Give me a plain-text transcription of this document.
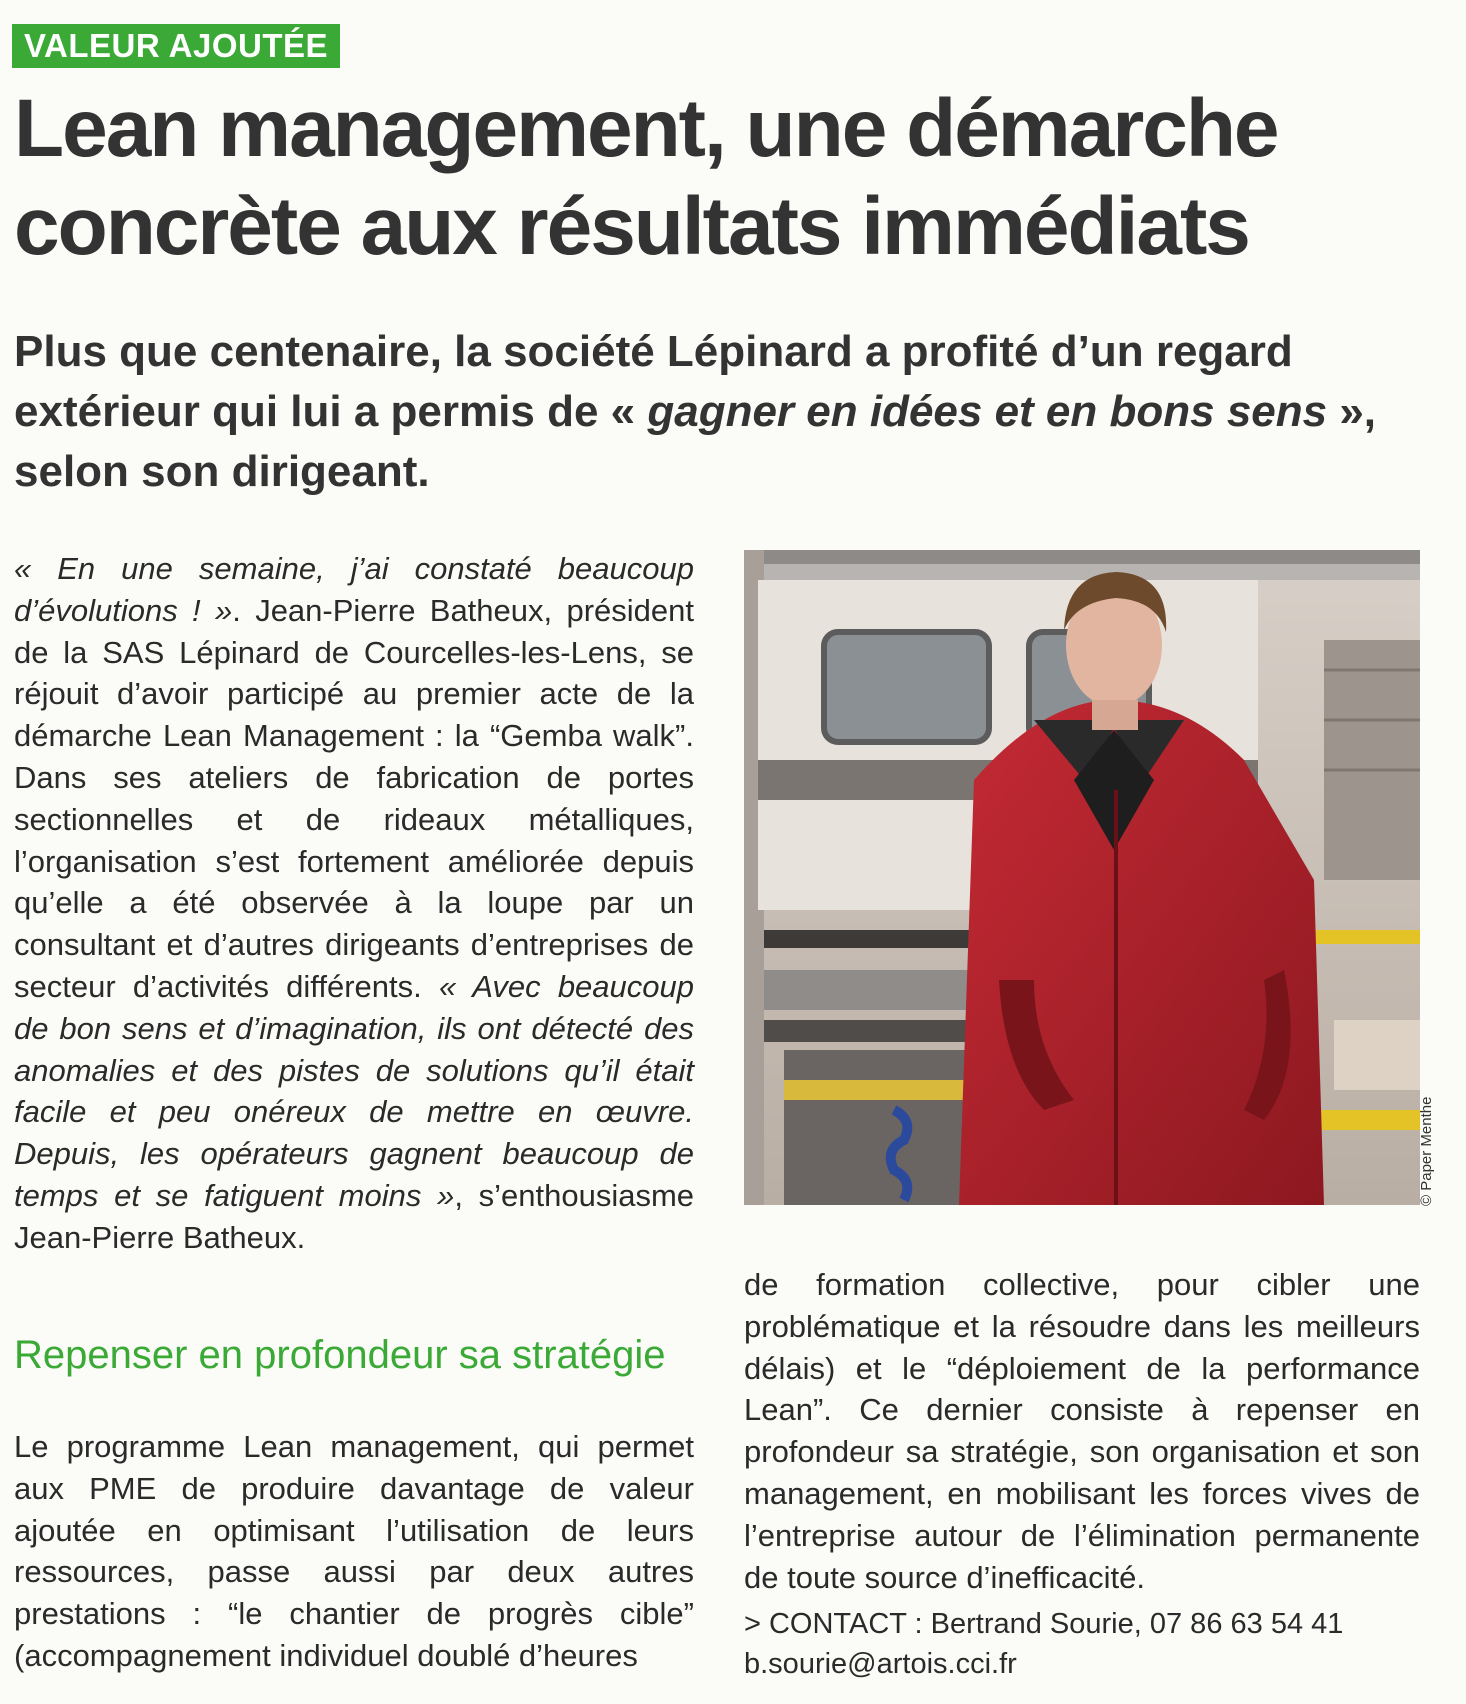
VALEUR AJOUTÉE
Lean management, une démarche
concrète aux résultats immédiats

Plus que centenaire, la société Lépinard a profité d’un regard extérieur qui lui a permis de « gagner en idées et en bons sens », selon son dirigeant.

« En une semaine, j’ai constaté beaucoup d’évolutions ! ». Jean-Pierre Batheux, président de la SAS Lépinard de Courcelles-les-Lens, se réjouit d’avoir participé au premier acte de la démarche Lean Management : la “Gemba walk”. Dans ses ateliers de fabrication de portes sectionnelles et de rideaux métalliques, l’organisation s’est fortement améliorée depuis qu’elle a été observée à la loupe par un consultant et d’autres dirigeants d’entreprises de secteur d’activités différents. « Avec beaucoup de bon sens et d’imagination, ils ont détecté des anomalies et des pistes de solutions qu’il était facile et peu onéreux de mettre en œuvre. Depuis, les opérateurs gagnent beaucoup de temps et se fatiguent moins », s’enthousiasme Jean-Pierre Batheux.

Repenser en profondeur sa stratégie

Le programme Lean management, qui permet aux PME de produire davantage de valeur ajoutée en optimisant l’utilisation de leurs ressources, passe aussi par deux autres prestations : “le chantier de progrès cible” (accompagnement individuel doublé d’heures

© Paper Menthe

de formation collective, pour cibler une problématique et la résoudre dans les meilleurs délais) et le “déploiement de la performance Lean”. Ce dernier consiste à repenser en profondeur sa stratégie, son organisation et son management, en mobilisant les forces vives de l’entreprise autour de l’élimination permanente de toute source d’inefficacité.

> CONTACT : Bertrand Sourie, 07 86 63 54 41
b.sourie@artois.cci.fr
